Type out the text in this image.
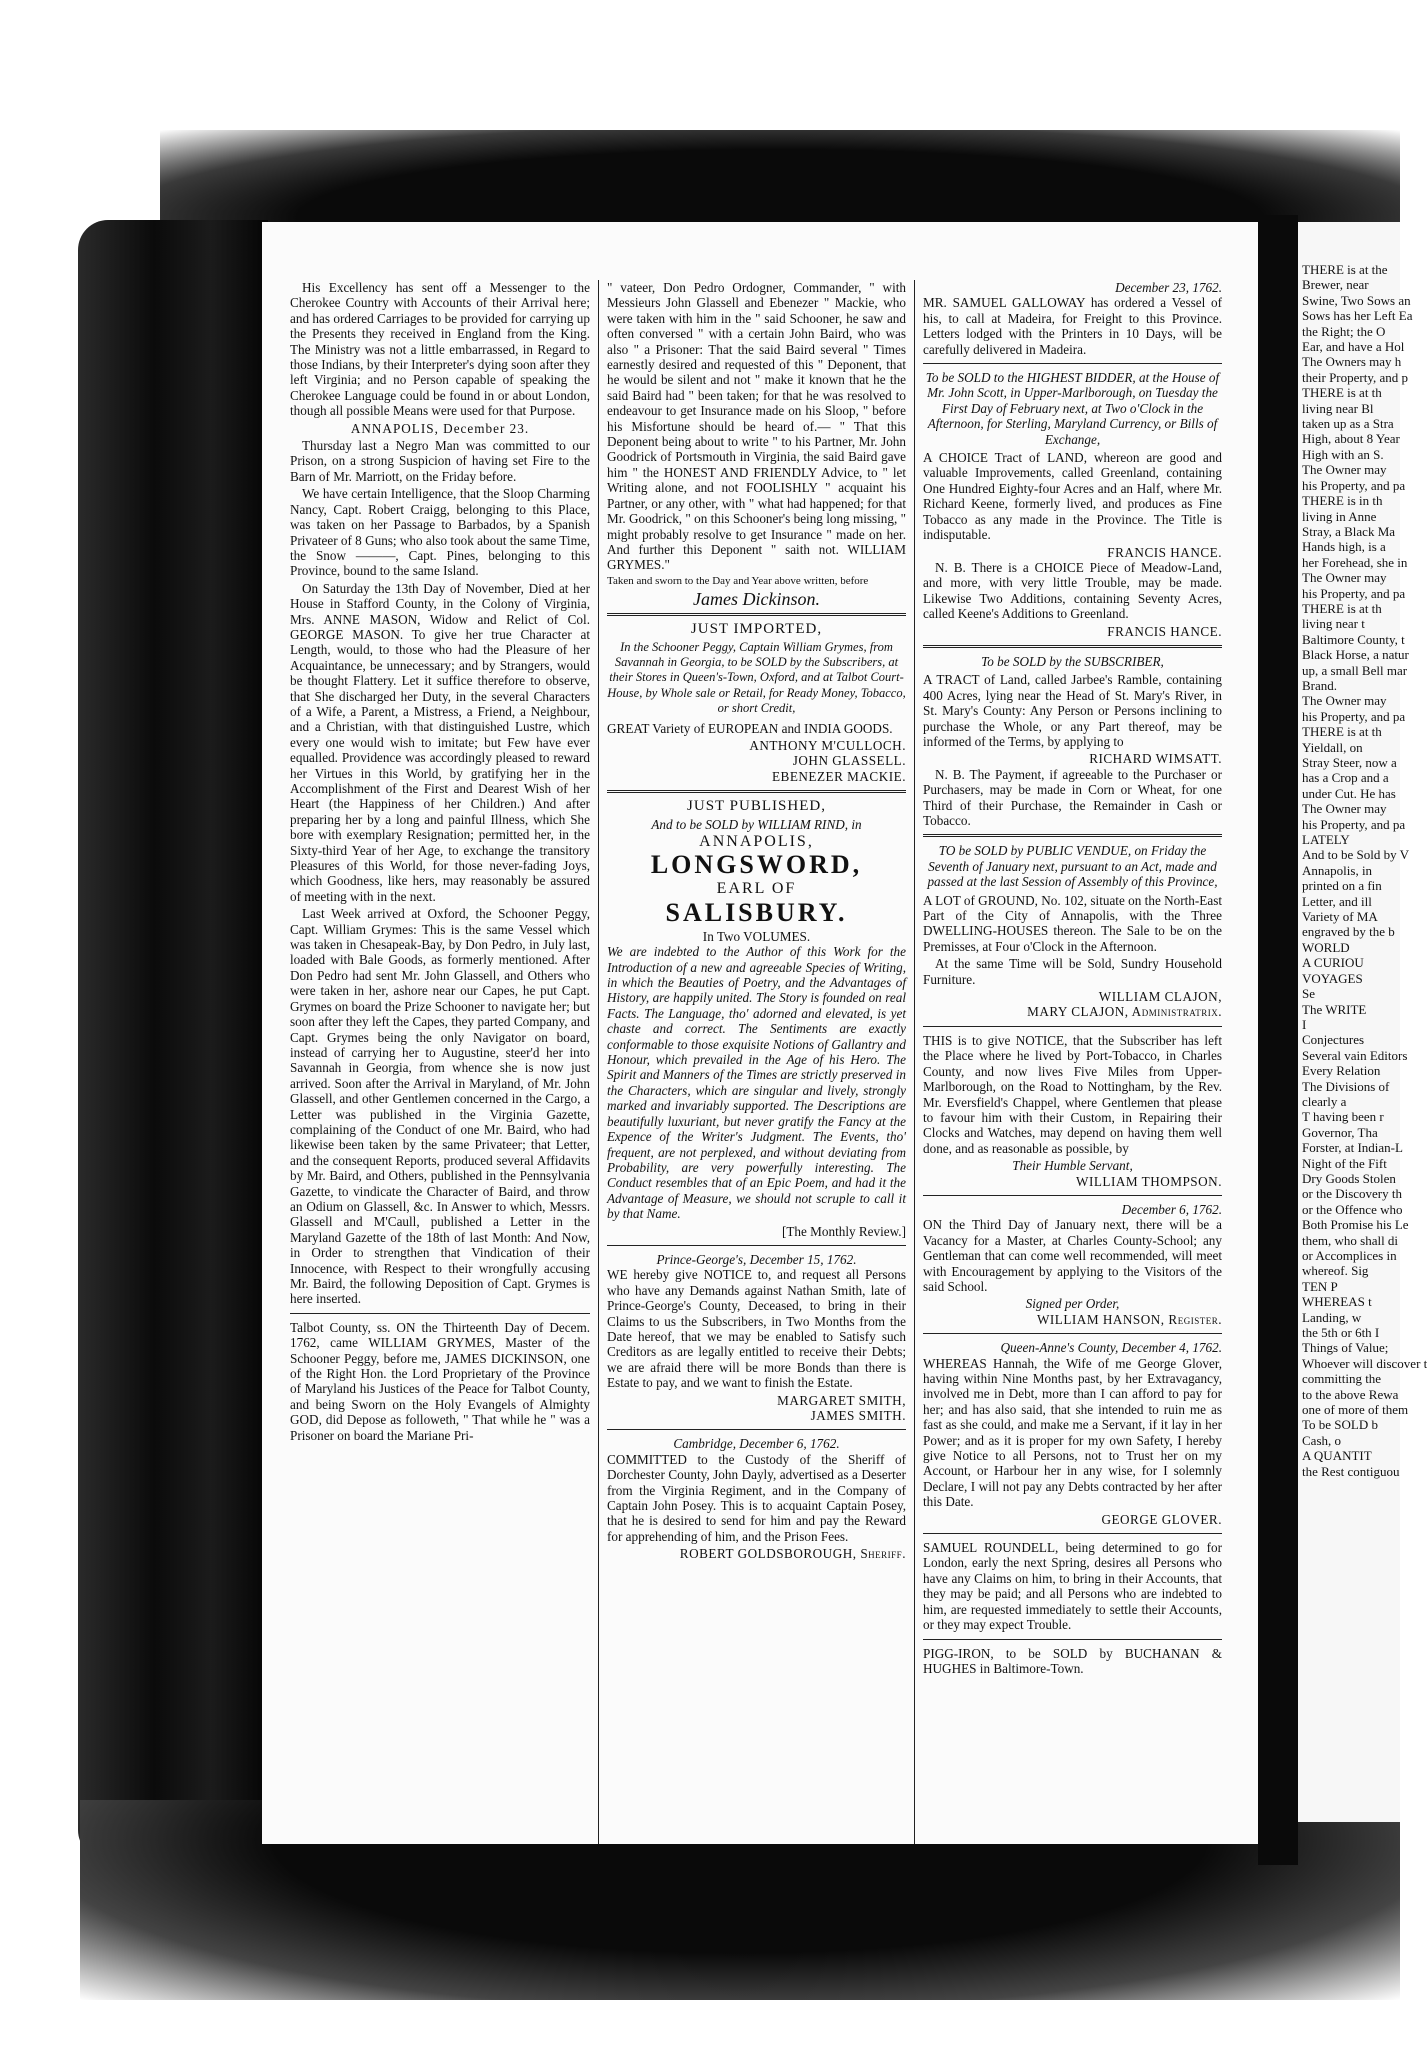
His Excellency has sent off a Messenger to the Cherokee Country with Accounts of their Arrival here; and has ordered Carriages to be provided for carrying up the Presents they received in England from the King. The Ministry was not a little embarrassed, in Regard to those Indians, by their Interpreter's dying soon after they left Virginia; and no Person capable of speaking the Cherokee Language could be found in or about London, though all possible Means were used for that Purpose.

ANNAPOLIS, December 23.

Thursday last a Negro Man was committed to our Prison, on a strong Suspicion of having set Fire to the Barn of Mr. Marriott, on the Friday before.

We have certain Intelligence, that the Sloop Charming Nancy, Capt. Robert Craigg, belonging to this Place, was taken on her Passage to Barbados, by a Spanish Privateer of 8 Guns; who also took about the same Time, the Snow ———, Capt. Pines, belonging to this Province, bound to the same Island.

On Saturday the 13th Day of November, Died at her House in Stafford County, in the Colony of Virginia, Mrs. ANNE MASON, Widow and Relict of Col. GEORGE MASON. To give her true Character at Length, would, to those who had the Pleasure of her Acquaintance, be unnecessary; and by Strangers, would be thought Flattery. Let it suffice therefore to observe, that She discharged her Duty, in the several Characters of a Wife, a Parent, a Mistress, a Friend, a Neighbour, and a Christian, with that distinguished Lustre, which every one would wish to imitate; but Few have ever equalled. Providence was accordingly pleased to reward her Virtues in this World, by gratifying her in the Accomplishment of the First and Dearest Wish of her Heart (the Happiness of her Children.) And after preparing her by a long and painful Illness, which She bore with exemplary Resignation; permitted her, in the Sixty-third Year of her Age, to exchange the transitory Pleasures of this World, for those never-fading Joys, which Goodness, like hers, may reasonably be assured of meeting with in the next.

Last Week arrived at Oxford, the Schooner Peggy, Capt. William Grymes: This is the same Vessel which was taken in Chesapeak-Bay, by Don Pedro, in July last, loaded with Bale Goods, as formerly mentioned. After Don Pedro had sent Mr. John Glassell, and Others who were taken in her, ashore near our Capes, he put Capt. Grymes on board the Prize Schooner to navigate her; but soon after they left the Capes, they parted Company, and Capt. Grymes being the only Navigator on board, instead of carrying her to Augustine, steer'd her into Savannah in Georgia, from whence she is now just arrived. Soon after the Arrival in Maryland, of Mr. John Glassell, and other Gentlemen concerned in the Cargo, a Letter was published in the Virginia Gazette, complaining of the Conduct of one Mr. Baird, who had likewise been taken by the same Privateer; that Letter, and the consequent Reports, produced several Affidavits by Mr. Baird, and Others, published in the Pennsylvania Gazette, to vindicate the Character of Baird, and throw an Odium on Glassell, &c. In Answer to which, Messrs. Glassell and M'Caull, published a Letter in the Maryland Gazette of the 18th of last Month: And Now, in Order to strengthen that Vindication of their Innocence, with Respect to their wrongfully accusing Mr. Baird, the following Deposition of Capt. Grymes is here inserted.

Talbot County, ss. ON the Thirteenth Day of Decem. 1762, came WILLIAM GRYMES, Master of the Schooner Peggy, before me, JAMES DICKINSON, one of the Right Hon. the Lord Proprietary of the Province of Maryland his Justices of the Peace for Talbot County, and being Sworn on the Holy Evangels of Almighty GOD, did Depose as followeth, " That while he " was a Prisoner on board the Mariane Pri-

" vateer, Don Pedro Ordogner, Commander, " with Messieurs John Glassell and Ebenezer " Mackie, who were taken with him in the " said Schooner, he saw and often conversed " with a certain John Baird, who was also " a Prisoner: That the said Baird several " Times earnestly desired and requested of this " Deponent, that he would be silent and not " make it known that he the said Baird had " been taken; for that he was resolved to endeavour to get Insurance made on his Sloop, " before his Misfortune should be heard of.— " That this Deponent being about to write " to his Partner, Mr. John Goodrick of Portsmouth in Virginia, the said Baird gave him " the HONEST AND FRIENDLY Advice, to " let Writing alone, and not FOOLISHLY " acquaint his Partner, or any other, with " what had happened; for that Mr. Goodrick, " on this Schooner's being long missing, " might probably resolve to get Insurance " made on her. And further this Deponent " saith not. WILLIAM GRYMES."

Taken and sworn to the Day and Year above written, before
James Dickinson.
JUST IMPORTED,
In the Schooner Peggy, Captain William Grymes, from Savannah in Georgia, to be SOLD by the Subscribers, at their Stores in Queen's-Town, Oxford, and at Talbot Court-House, by Whole sale or Retail, for Ready Money, Tobacco, or short Credit,

GREAT Variety of EUROPEAN and INDIA GOODS.

ANTHONY M'CULLOCH.
JOHN GLASSELL.
EBENEZER MACKIE.
JUST PUBLISHED,
And to be SOLD by WILLIAM RIND, in
ANNAPOLIS,
LONGSWORD,
EARL OF
SALISBURY.
In Two VOLUMES.

We are indebted to the Author of this Work for the Introduction of a new and agreeable Species of Writing, in which the Beauties of Poetry, and the Advantages of History, are happily united. The Story is founded on real Facts. The Language, tho' adorned and elevated, is yet chaste and correct. The Sentiments are exactly conformable to those exquisite Notions of Gallantry and Honour, which prevailed in the Age of his Hero. The Spirit and Manners of the Times are strictly preserved in the Characters, which are singular and lively, strongly marked and invariably supported. The Descriptions are beautifully luxuriant, but never gratify the Fancy at the Expence of the Writer's Judgment. The Events, tho' frequent, are not perplexed, and without deviating from Probability, are very powerfully interesting. The Conduct resembles that of an Epic Poem, and had it the Advantage of Measure, we should not scruple to call it by that Name.

[The Monthly Review.]
Prince-George's, December 15, 1762.

WE hereby give NOTICE to, and request all Persons who have any Demands against Nathan Smith, late of Prince-George's County, Deceased, to bring in their Claims to us the Subscribers, in Two Months from the Date hereof, that we may be enabled to Satisfy such Creditors as are legally entitled to receive their Debts; we are afraid there will be more Bonds than there is Estate to pay, and we want to finish the Estate.

MARGARET SMITH,
JAMES SMITH.
Cambridge, December 6, 1762.

COMMITTED to the Custody of the Sheriff of Dorchester County, John Dayly, advertised as a Deserter from the Virginia Regiment, and in the Company of Captain John Posey. This is to acquaint Captain Posey, that he is desired to send for him and pay the Reward for apprehending of him, and the Prison Fees.

ROBERT GOLDSBOROUGH, Sheriff.
December 23, 1762.

MR. SAMUEL GALLOWAY has ordered a Vessel of his, to call at Madeira, for Freight to this Province. Letters lodged with the Printers in 10 Days, will be carefully delivered in Madeira.

To be SOLD to the HIGHEST BIDDER, at the House of Mr. John Scott, in Upper-Marlborough, on Tuesday the First Day of February next, at Two o'Clock in the Afternoon, for Sterling, Maryland Currency, or Bills of Exchange,

A CHOICE Tract of LAND, whereon are good and valuable Improvements, called Greenland, containing One Hundred Eighty-four Acres and an Half, where Mr. Richard Keene, formerly lived, and produces as Fine Tobacco as any made in the Province. The Title is indisputable.

FRANCIS HANCE.

N. B. There is a CHOICE Piece of Meadow-Land, and more, with very little Trouble, may be made. Likewise Two Additions, containing Seventy Acres, called Keene's Additions to Greenland.

FRANCIS HANCE.
To be SOLD by the SUBSCRIBER,

A TRACT of Land, called Jarbee's Ramble, containing 400 Acres, lying near the Head of St. Mary's River, in St. Mary's County: Any Person or Persons inclining to purchase the Whole, or any Part thereof, may be informed of the Terms, by applying to

RICHARD WIMSATT.

N. B. The Payment, if agreeable to the Purchaser or Purchasers, may be made in Corn or Wheat, for one Third of their Purchase, the Remainder in Cash or Tobacco.

TO be SOLD by PUBLIC VENDUE, on Friday the Seventh of January next, pursuant to an Act, made and passed at the last Session of Assembly of this Province,

A LOT of GROUND, No. 102, situate on the North-East Part of the City of Annapolis, with the Three DWELLING-HOUSES thereon. The Sale to be on the Premisses, at Four o'Clock in the Afternoon.

At the same Time will be Sold, Sundry Household Furniture.

WILLIAM CLAJON,
MARY CLAJON, Administratrix.

THIS is to give NOTICE, that the Subscriber has left the Place where he lived by Port-Tobacco, in Charles County, and now lives Five Miles from Upper-Marlborough, on the Road to Nottingham, by the Rev. Mr. Eversfield's Chappel, where Gentlemen that please to favour him with their Custom, in Repairing their Clocks and Watches, may depend on having them well done, and as reasonable as possible, by

Their Humble Servant,
WILLIAM THOMPSON.
December 6, 1762.

ON the Third Day of January next, there will be a Vacancy for a Master, at Charles County-School; any Gentleman that can come well recommended, will meet with Encouragement by applying to the Visitors of the said School.

Signed per Order,
WILLIAM HANSON, Register.
Queen-Anne's County, December 4, 1762.

WHEREAS Hannah, the Wife of me George Glover, having within Nine Months past, by her Extravagancy, involved me in Debt, more than I can afford to pay for her; and has also said, that she intended to ruin me as fast as she could, and make me a Servant, if it lay in her Power; and as it is proper for my own Safety, I hereby give Notice to all Persons, not to Trust her on my Account, or Harbour her in any wise, for I solemnly Declare, I will not pay any Debts contracted by her after this Date.

GEORGE GLOVER.

SAMUEL ROUNDELL, being determined to go for London, early the next Spring, desires all Persons who have any Claims on him, to bring in their Accounts, that they may be paid; and all Persons who are indebted to him, are requested immediately to settle their Accounts, or they may expect Trouble.

PIGG-IRON, to be SOLD by BUCHANAN & HUGHES in Baltimore-Town.

THERE is at the
Brewer, near
Swine, Two Sows an
Sows has her Left Ea
the Right; the O
Ear, and have a Hol
The Owners may h
their Property, and p
THERE is at th
living near Bl
taken up as a Stra
High, about 8 Year
High with an S.
The Owner may
his Property, and pa
THERE is in th
living in Anne
Stray, a Black Ma
Hands high, is a
her Forehead, she in
The Owner may
his Property, and pa
THERE is at th
living near t
Baltimore County, t
Black Horse, a natur
up, a small Bell mar
Brand.
The Owner may
his Property, and pa
THERE is at th
Yieldall, on
Stray Steer, now a
has a Crop and a
under Cut. He has
The Owner may
his Property, and pa
LATELY
And to be Sold by V
Annapolis, in
printed on a fin
Letter, and ill
Variety of MA
engraved by the b
WORLD
A CURIOU
VOYAGES
Se
The WRITE
I
Conjectures
Several vain Editors
Every Relation
The Divisions of
clearly a
T having been r
Governor, Tha
Forster, at Indian-L
Night of the Fift
Dry Goods Stolen
or the Discovery th
or the Offence who
Both Promise his Le
them, who shall di
or Accomplices in
whereof. Sig
TEN P
WHEREAS t
Landing, w
the 5th or 6th I
Things of Value;
Whoever will discover t
committing the
to the above Rewa
one of more of them
To be SOLD b
Cash, o
A QUANTIT
the Rest contiguou
